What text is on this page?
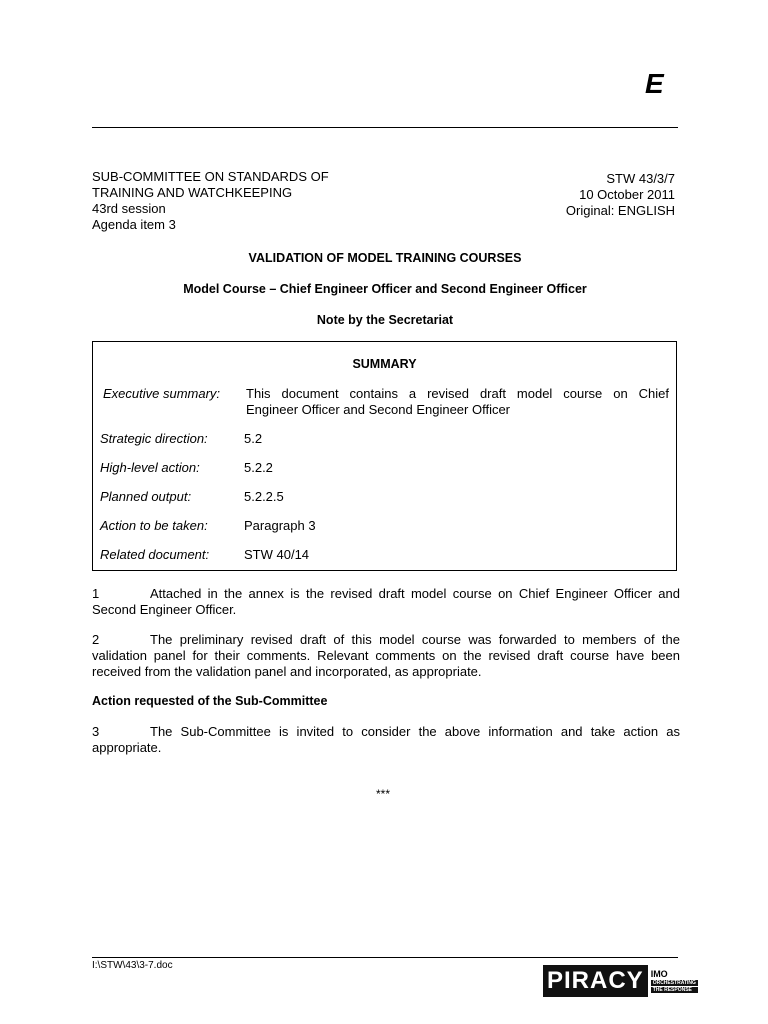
E
SUB-COMMITTEE ON STANDARDS OF
TRAINING AND WATCHKEEPING
43rd session
Agenda item 3
STW 43/3/7
10 October 2011
Original: ENGLISH
VALIDATION OF MODEL TRAINING COURSES
Model Course – Chief Engineer Officer and Second Engineer Officer
Note by the Secretariat
SUMMARY
Executive summary: This document contains a revised draft model course on Chief
Engineer Officer and Second Engineer Officer
Strategic direction:	5.2
High-level action:	5.2.2
Planned output:	5.2.2.5
Action to be taken:	Paragraph 3
Related document:	STW 40/14
1	Attached in the annex is the revised draft model course on Chief Engineer Officer and Second Engineer Officer.
2	The preliminary revised draft of this model course was forwarded to members of the validation panel for their comments. Relevant comments on the revised draft course have been received from the validation panel and incorporated, as appropriate.
Action requested of the Sub-Committee
3	The Sub-Committee is invited to consider the above information and take action as appropriate.
***
I:\STW\43\3-7.doc
PIRACY IMO
ORCHESTRATING
THE RESPONSE
